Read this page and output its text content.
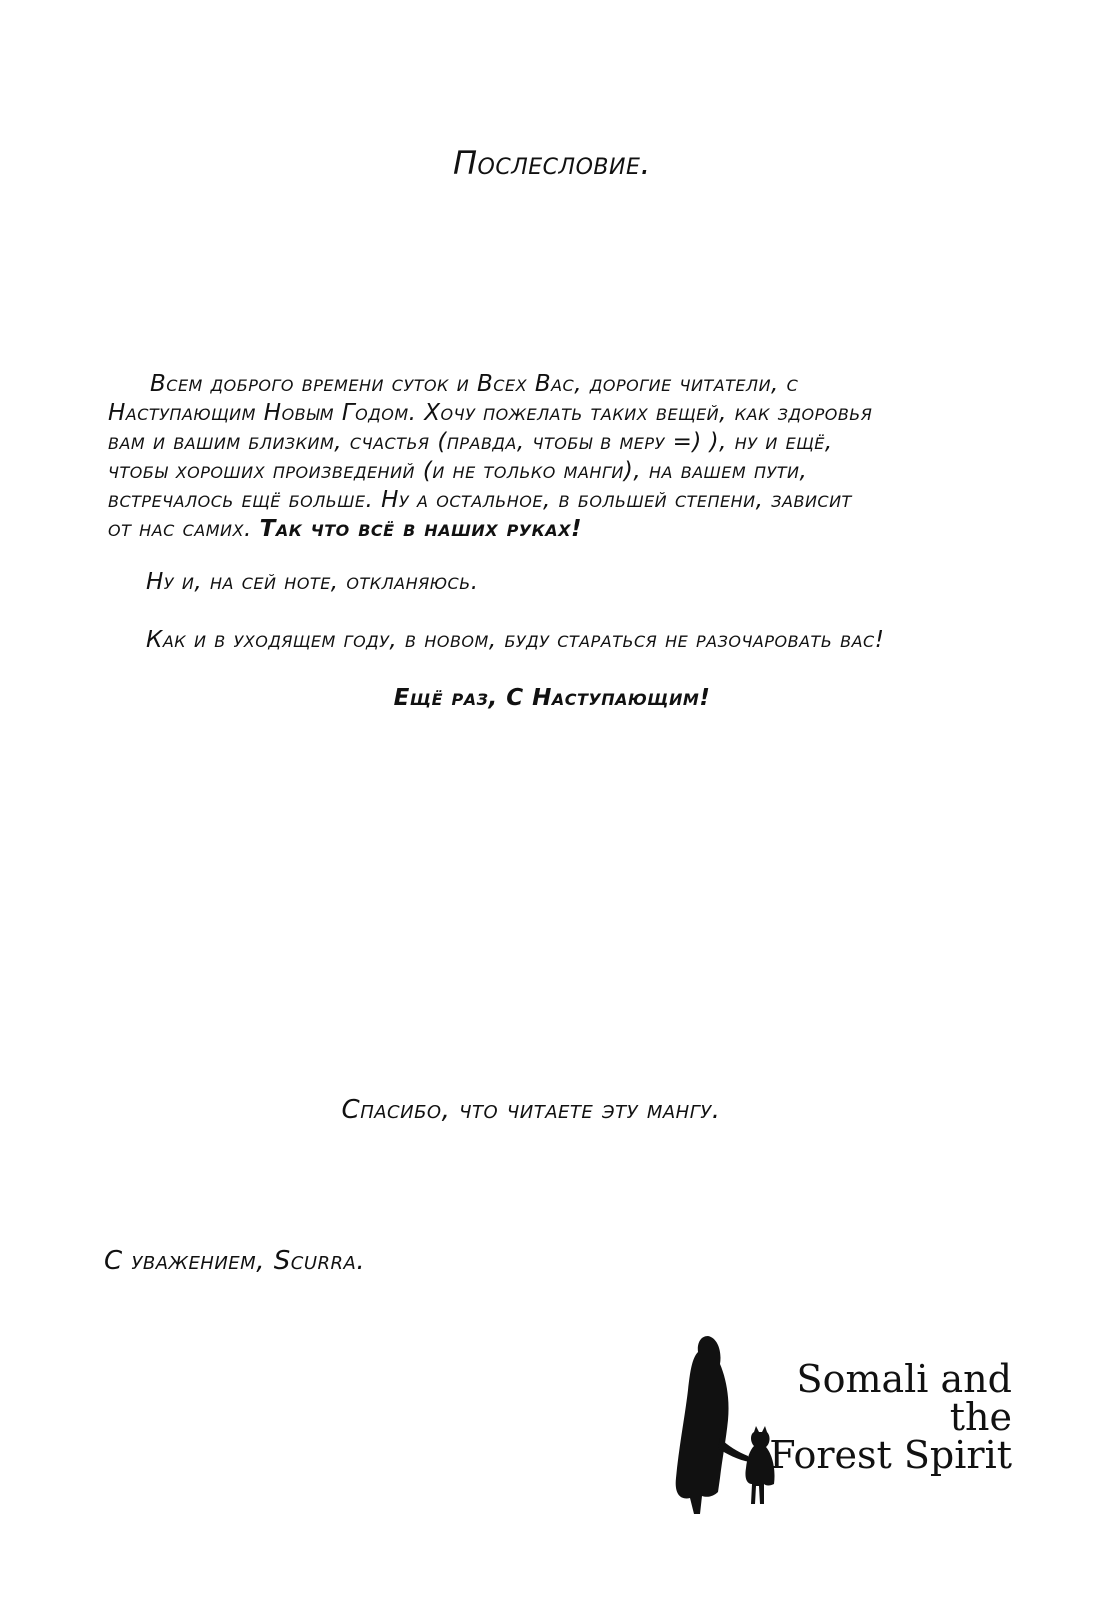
Послесловие.
Всем доброго времени суток и Всех Вас, дорогие читатели, с
Наступающим Новым Годом. Хочу пожелать таких вещей, как здоровья
вам и вашим близким, счастья (правда, чтобы в меру =) ), ну и ещё,
чтобы хороших произведений (и не только манги), на вашем пути,
встречалось ещё больше. Ну а остальное, в большей степени, зависит
от нас самих. Так что всё в наших руках!
Ну и, на сей ноте, откланяюсь.
Как и в уходящем году, в новом, буду стараться не разочаровать вас!
Ещё раз, С Наступающим!
Спасибо, что читаете эту мангу.
С уважением, Scurra.
Somali and the
Forest Spirit
